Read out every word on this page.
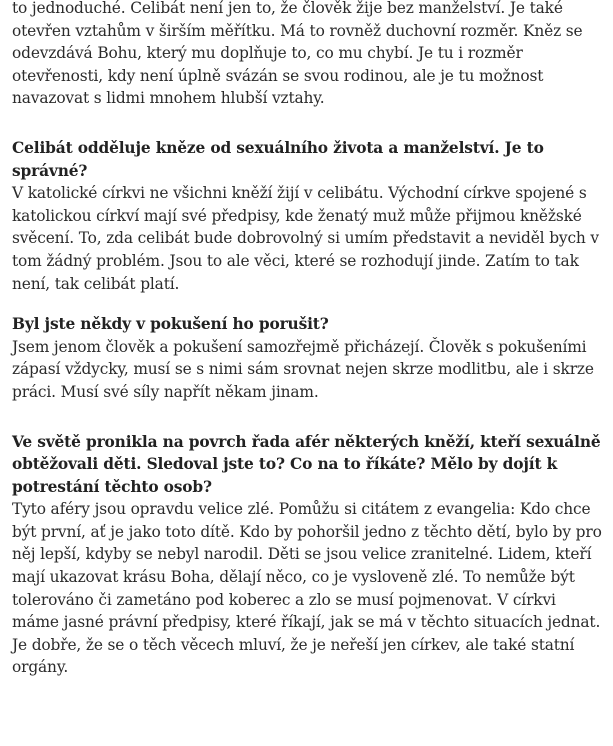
to jednoduché. Celibát není jen to, že člověk žije bez manželství. Je také otevřen vztahům v širším měřítku. Má to rovněž duchovní rozměr. Kněz se odevzdává Bohu, který mu doplňuje to, co mu chybí. Je tu i rozměr otevřenosti, kdy není úplně svázán se svou rodinou, ale je tu možnost navazovat s lidmi mnohem hlubší vztahy.

Celibát odděluje kněze od sexuálního života a manželství. Je to správné?

V katolické církvi ne všichni kněží žijí v celibátu. Východní církve spojené s katolickou církví mají své předpisy, kde ženatý muž může přijmou kněžské svěcení. To, zda celibát bude dobrovolný si umím představit a neviděl bych v tom žádný problém. Jsou to ale věci, které se rozhodují jinde. Zatím to tak není, tak celibát platí.

Byl jste někdy v pokušení ho porušit?

Jsem jenom člověk a pokušení samozřejmě přicházejí. Člověk s pokušeními zápasí vždycky, musí se s nimi sám srovnat nejen skrze modlitbu, ale i skrze práci. Musí své síly napřít někam jinam.

Ve světě pronikla na povrch řada afér některých kněží, kteří sexuálně obtěžovali děti. Sledoval jste to? Co na to říkáte? Mělo by dojít k potrestání těchto osob?

Tyto aféry jsou opravdu velice zlé. Pomůžu si citátem z evangelia: Kdo chce být první, ať je jako toto dítě. Kdo by pohoršil jedno z těchto dětí, bylo by pro něj lepší, kdyby se nebyl narodil. Děti se jsou velice zranitelné. Lidem, kteří mají ukazovat krásu Boha, dělají něco, co je vysloveně zlé. To nemůže být tolerováno či zametáno pod koberec a zlo se musí pojmenovat. V církvi máme jasné právní předpisy, které říkají, jak se má v těchto situacích jednat. Je dobře, že se o těch věcech mluví, že je neřeší jen církev, ale také statní orgány.
